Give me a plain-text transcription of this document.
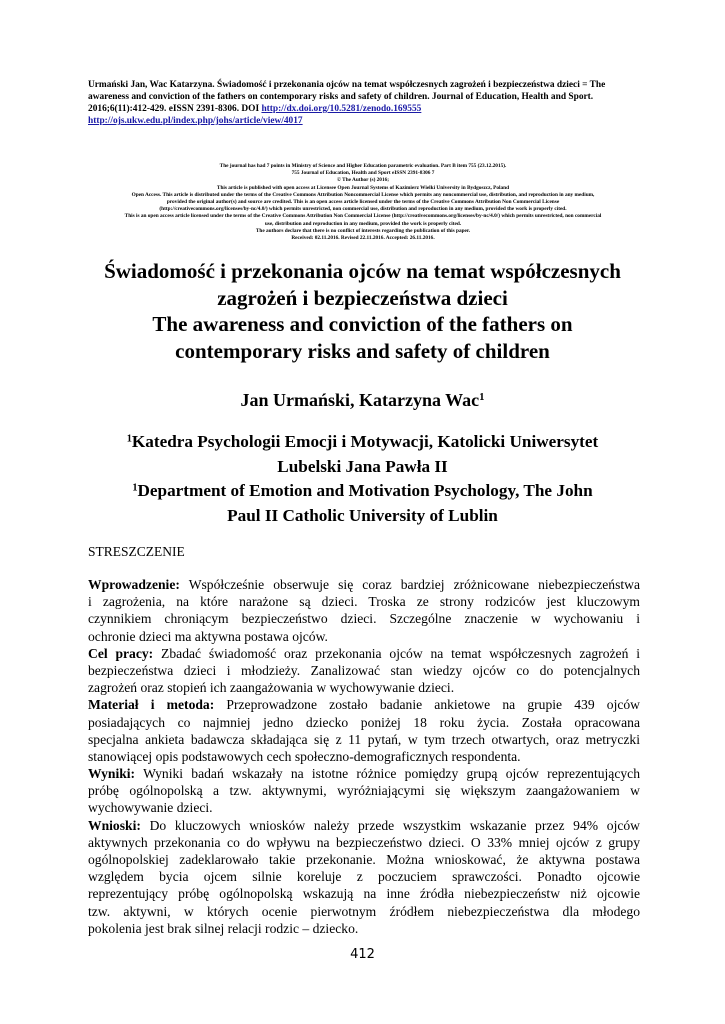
Urmański Jan, Wac Katarzyna. Świadomość i przekonania ojców na temat współczesnych zagrożeń i bezpieczeństwa dzieci = The
awareness and conviction of the fathers on contemporary risks and safety of children. Journal of Education, Health and Sport.
2016;6(11):412-429. eISSN 2391-8306. DOI http://dx.doi.org/10.5281/zenodo.169555
http://ojs.ukw.edu.pl/index.php/johs/article/view/4017
The journal has had 7 points in Ministry of Science and Higher Education parametric evaluation. Part B item 755 (23.12.2015).
755 Journal of Education, Health and Sport eISSN 2391-8306 7
© The Author (s) 2016;
This article is published with open access at Licensee Open Journal Systems of Kazimierz Wielki University in Bydgoszcz, Poland
Open Access. This article is distributed under the terms of the Creative Commons Attribution Noncommercial License which permits any noncommercial use, distribution, and reproduction in any medium,
provided the original author(s) and source are credited. This is an open access article licensed under the terms of the Creative Commons Attribution Non Commercial License
(http://creativecommons.org/licenses/by-nc/4.0/) which permits unrestricted, non commercial use, distribution and reproduction in any medium, provided the work is properly cited.
This is an open access article licensed under the terms of the Creative Commons Attribution Non Commercial License (http://creativecommons.org/licenses/by-nc/4.0/) which permits unrestricted, non commercial
use, distribution and reproduction in any medium, provided the work is properly cited.
The authors declare that there is no conflict of interests regarding the publication of this paper.
Received: 02.11.2016. Revised 22.11.2016. Accepted: 26.11.2016.
Świadomość i przekonania ojców na temat współczesnych
zagrożeń i bezpieczeństwa dzieci
The awareness and conviction of the fathers on
contemporary risks and safety of children
Jan Urmański, Katarzyna Wac$^1$
$^1$Katedra Psychologii Emocji i Motywacji, Katolicki Uniwersytet
Lubelski Jana Pawła II
$^1$Department of Emotion and Motivation Psychology, The John
Paul II Catholic University of Lublin
STRESZCZENIE
Wprowadzenie: Współcześnie obserwuje się coraz bardziej zróżnicowane niebezpieczeństwa
i zagrożenia, na które narażone są dzieci. Troska ze strony rodziców jest kluczowym
czynnikiem chroniącym bezpieczeństwo dzieci. Szczególne znaczenie w wychowaniu i
ochronie dzieci ma aktywna postawa ojców.
Cel pracy: Zbadać świadomość oraz przekonania ojców na temat współczesnych zagrożeń i
bezpieczeństwa dzieci i młodzieży. Zanalizować stan wiedzy ojców co do potencjalnych
zagrożeń oraz stopień ich zaangażowania w wychowywanie dzieci.
Materiał i metoda: Przeprowadzone zostało badanie ankietowe na grupie 439 ojców
posiadających co najmniej jedno dziecko poniżej 18 roku życia. Została opracowana
specjalna ankieta badawcza składająca się z 11 pytań, w tym trzech otwartych, oraz metryczki
stanowiącej opis podstawowych cech społeczno-demograficznych respondenta.
Wyniki: Wyniki badań wskazały na istotne różnice pomiędzy grupą ojców reprezentujących
próbę ogólnopolską a tzw. aktywnymi, wyróżniającymi się większym zaangażowaniem w
wychowywanie dzieci.
Wnioski: Do kluczowych wniosków należy przede wszystkim wskazanie przez 94% ojców
aktywnych przekonania co do wpływu na bezpieczeństwo dzieci. O 33% mniej ojców z grupy
ogólnopolskiej zadeklarowało takie przekonanie. Można wnioskować, że aktywna postawa
względem bycia ojcem silnie koreluje z poczuciem sprawczości. Ponadto ojcowie
reprezentujący próbę ogólnopolską wskazują na inne źródła niebezpieczeństw niż ojcowie
tzw. aktywni, w których ocenie pierwotnym źródłem niebezpieczeństwa dla młodego
pokolenia jest brak silnej relacji rodzic – dziecko.
412
